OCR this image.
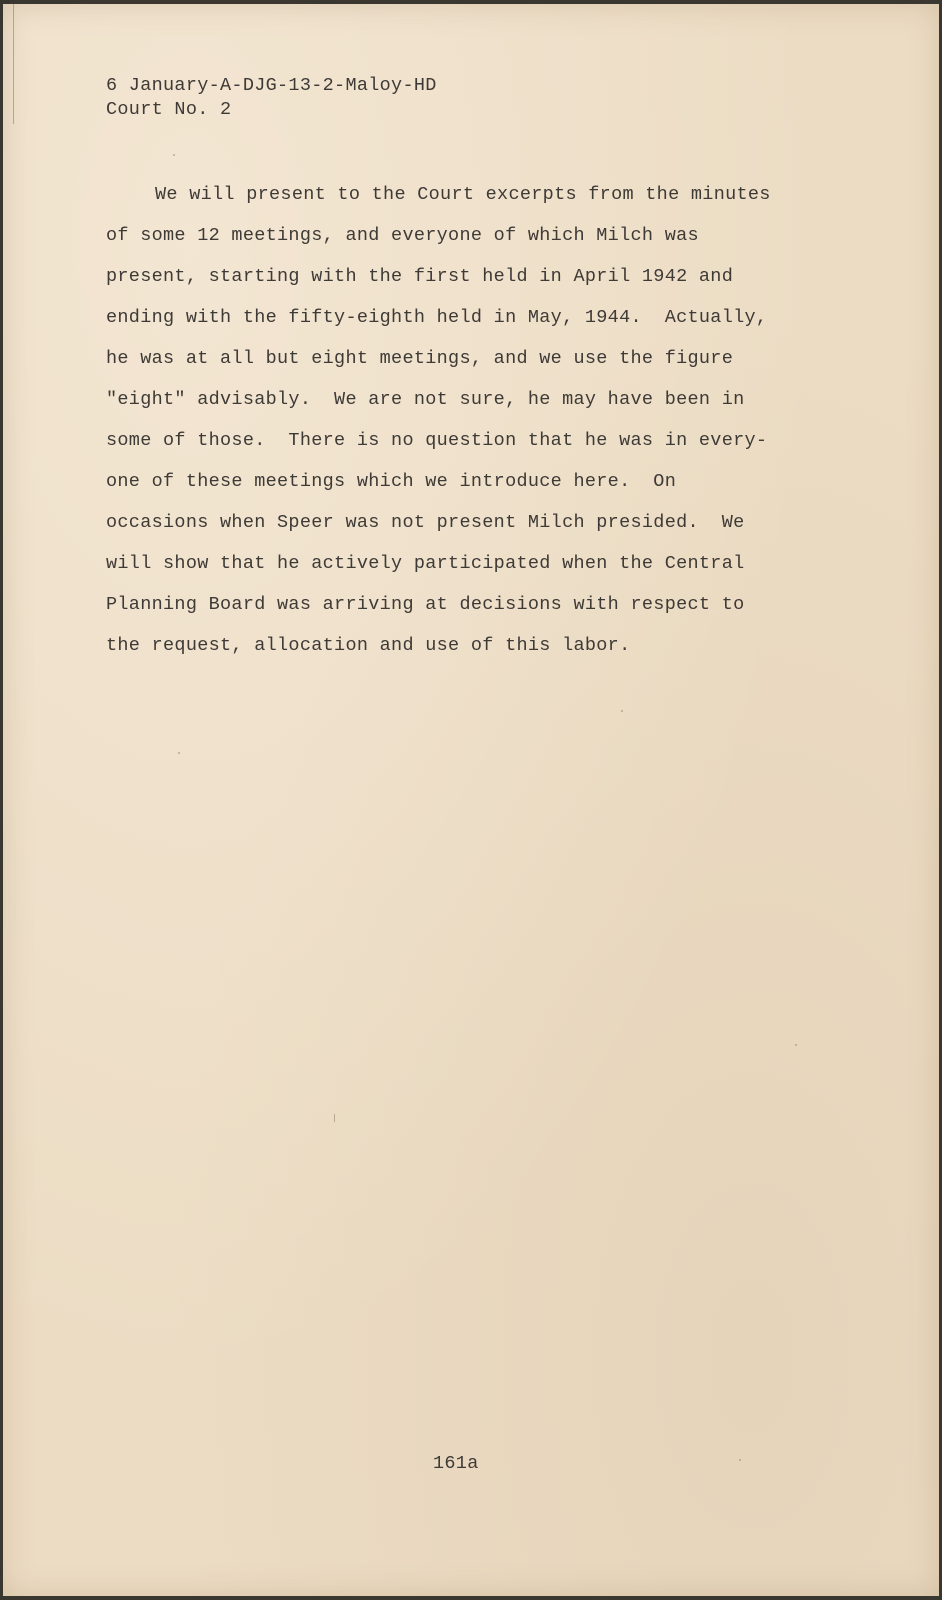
6 January-A-DJG-13-2-Maloy-HD
Court No. 2
We will present to the Court excerpts from the minutes
of some 12 meetings, and everyone of which Milch was
present, starting with the first held in April 1942 and
ending with the fifty-eighth held in May, 1944.  Actually,
he was at all but eight meetings, and we use the figure
"eight" advisably.  We are not sure, he may have been in
some of those.  There is no question that he was in every-
one of these meetings which we introduce here.  On
occasions when Speer was not present Milch presided.  We
will show that he actively participated when the Central
Planning Board was arriving at decisions with respect to
the request, allocation and use of this labor.
161a
